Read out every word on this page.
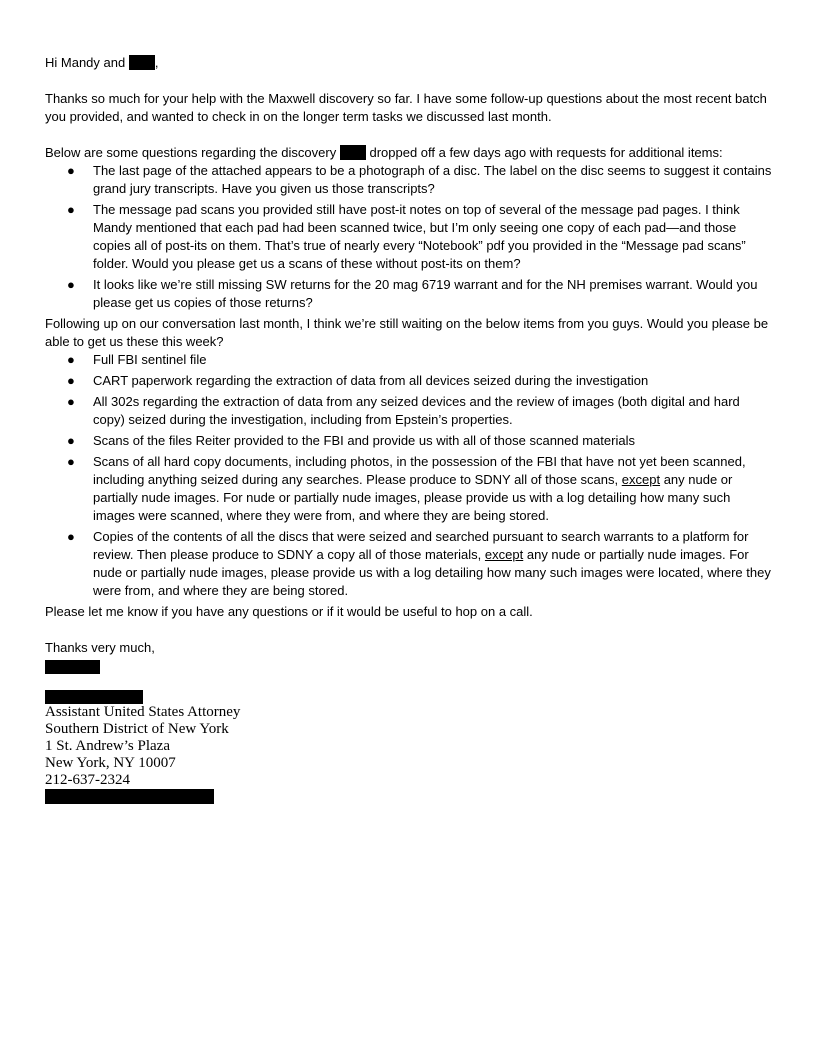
Hi Mandy and ,

Thanks so much for your help with the Maxwell discovery so far. I have some follow-up questions about the most recent batch you provided, and wanted to check in on the longer term tasks we discussed last month.

Below are some questions regarding the discovery	dropped off a few days ago with requests for additional items:

● The last page of the attached appears to be a photograph of a disc. The label on the disc seems to suggest it contains grand jury transcripts. Have you given us those transcripts?
● The message pad scans you provided still have post-it notes on top of several of the message pad pages. I think Mandy mentioned that each pad had been scanned twice, but I’m only seeing one copy of each pad—and those copies all of post-its on them. That’s true of nearly every “Notebook” pdf you provided in the “Message pad scans” folder. Would you please get us a scans of these without post-its on them?
● It looks like we’re still missing SW returns for the 20 mag 6719 warrant and for the NH premises warrant. Would you please get us copies of those returns?

Following up on our conversation last month, I think we’re still waiting on the below items from you guys. Would you please be able to get us these this week?

● Full FBI sentinel file
● CART paperwork regarding the extraction of data from all devices seized during the investigation
● All 302s regarding the extraction of data from any seized devices and the review of images (both digital and hard copy) seized during the investigation, including from Epstein’s properties.
● Scans of the files Reiter provided to the FBI and provide us with all of those scanned materials
● Scans of all hard copy documents, including photos, in the possession of the FBI that have not yet been scanned, including anything seized during any searches. Please produce to SDNY all of those scans, except any nude or partially nude images. For nude or partially nude images, please provide us with a log detailing how many such images were scanned, where they were from, and where they are being stored.
● Copies of the contents of all the discs that were seized and searched pursuant to search warrants to a platform for review. Then please produce to SDNY a copy all of those materials, except any nude or partially nude images. For nude or partially nude images, please provide us with a log detailing how many such images were located, where they were from, and where they are being stored.

Please let me know if you have any questions or if it would be useful to hop on a call.

Thanks very much,

Assistant United States Attorney
Southern District of New York
1 St. Andrew’s Plaza
New York, NY 10007
212-637-2324
